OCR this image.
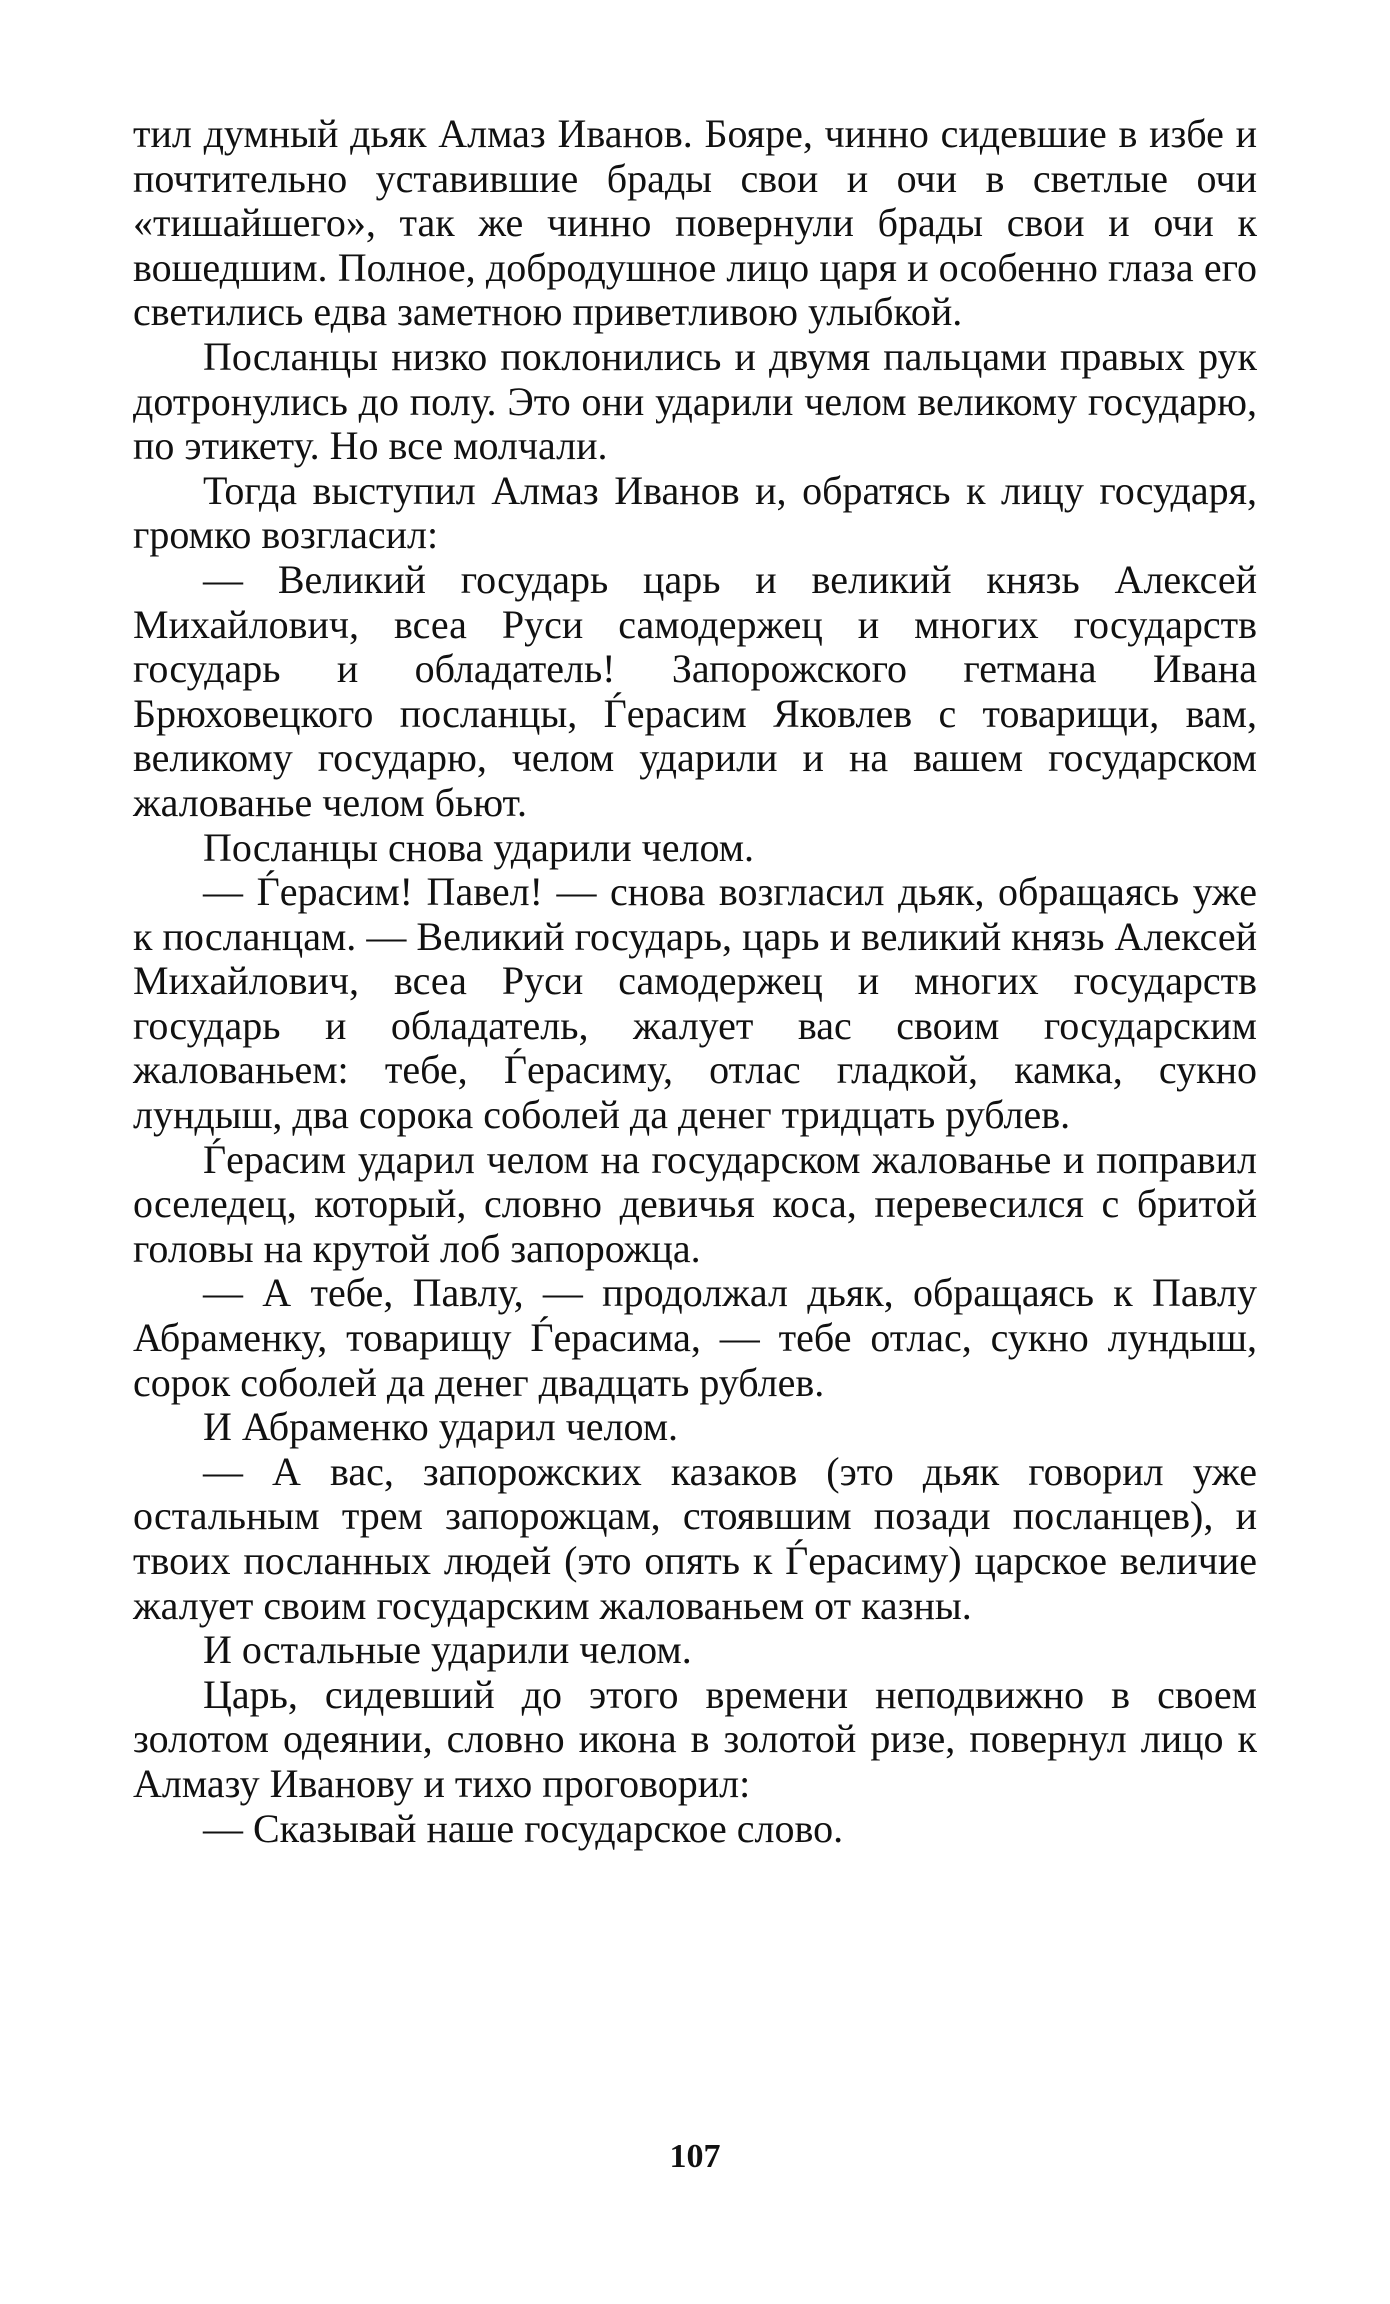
тил думный дьяк Алмаз Иванов. Бояре, чинно сидевшие в избе и почтительно уставившие брады свои и очи в светлые очи «тишайшего», так же чинно повернули брады свои и очи к вошедшим. Полное, добродушное лицо царя и особенно глаза его светились едва заметною приветливою улыбкой.

Посланцы низко поклонились и двумя пальцами правых рук дотронулись до полу. Это они ударили челом великому государю, по этикету. Но все молчали.

Тогда выступил Алмаз Иванов и, обратясь к лицу государя, громко возгласил:

— Великий государь царь и великий князь Алексей Михайлович, всеа Руси самодержец и многих государств государь и обладатель! Запорожского гетмана Ивана Брюховецкого посланцы, Ѓерасим Яковлев с товарищи, вам, великому государю, челом ударили и на вашем государском жалованье челом бьют.

Посланцы снова ударили челом.

— Ѓерасим! Павел! — снова возгласил дьяк, обращаясь уже к посланцам. — Великий государь, царь и великий князь Алексей Михайлович, всеа Руси самодержец и многих государств государь и обладатель, жалует вас своим государским жалованьем: тебе, Ѓерасиму, отлас гладкой, камка, сукно лундыш, два сорока соболей да денег тридцать рублев.

Ѓерасим ударил челом на государском жалованье и поправил оселедец, который, словно девичья коса, перевесился с бритой головы на крутой лоб запорожца.

— А тебе, Павлу, — продолжал дьяк, обращаясь к Павлу Абраменку, товарищу Ѓерасима, — тебе отлас, сукно лундыш, сорок соболей да денег двадцать рублев.

И Абраменко ударил челом.

— А вас, запорожских казаков (это дьяк говорил уже остальным трем запорожцам, стоявшим позади посланцев), и твоих посланных людей (это опять к Ѓерасиму) царское величие жалует своим государским жалованьем от казны.

И остальные ударили челом.

Царь, сидевший до этого времени неподвижно в своем золотом одеянии, словно икона в золотой ризе, повернул лицо к Алмазу Иванову и тихо проговорил:

— Сказывай наше государское слово.

107
